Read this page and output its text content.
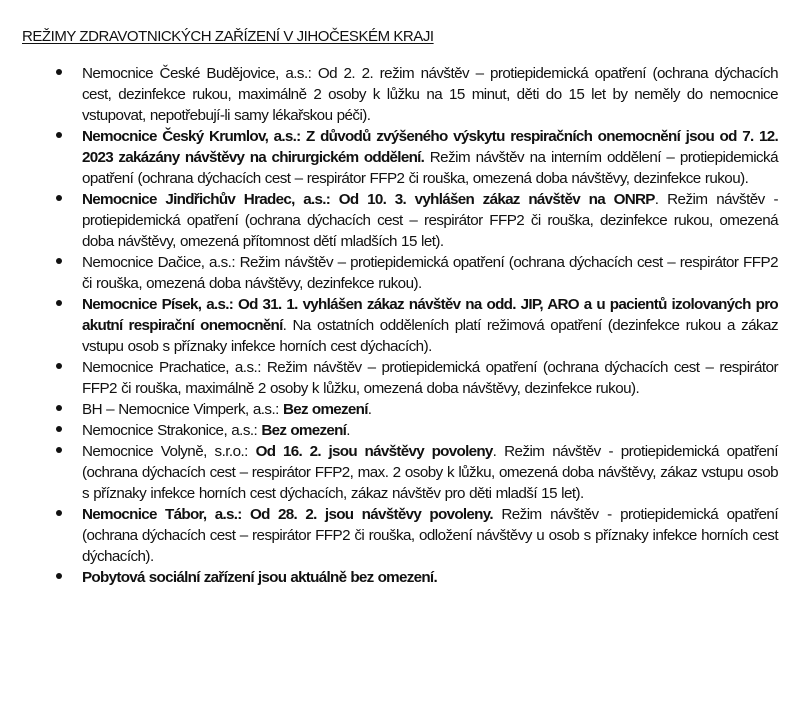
REŽIMY ZDRAVOTNICKÝCH ZAŘÍZENÍ V JIHOČESKÉM KRAJI
Nemocnice České Budějovice, a.s.: Od 2. 2. režim návštěv – protiepidemická opatření (ochrana dýchacích cest, dezinfekce rukou, maximálně 2 osoby k lůžku na 15 minut, děti do 15 let by neměly do nemocnice vstupovat, nepotřebují-li samy lékařskou péči).
Nemocnice Český Krumlov, a.s.: Z důvodů zvýšeného výskytu respiračních onemocnění jsou od 7. 12. 2023 zakázány návštěvy na chirurgickém oddělení. Režim návštěv na interním oddělení – protiepidemická opatření (ochrana dýchacích cest – respirátor FFP2 či rouška, omezená doba návštěvy, dezinfekce rukou).
Nemocnice Jindřichův Hradec, a.s.: Od 10. 3. vyhlášen zákaz návštěv na ONRP. Režim návštěv - protiepidemická opatření (ochrana dýchacích cest – respirátor FFP2 či rouška, dezinfekce rukou, omezená doba návštěvy, omezená přítomnost dětí mladších 15 let).
Nemocnice Dačice, a.s.: Režim návštěv – protiepidemická opatření (ochrana dýchacích cest – respirátor FFP2 či rouška, omezená doba návštěvy, dezinfekce rukou).
Nemocnice Písek, a.s.: Od 31. 1. vyhlášen zákaz návštěv na odd. JIP, ARO a u pacientů izolovaných pro akutní respirační onemocnění. Na ostatních odděleních platí režimová opatření (dezinfekce rukou a zákaz vstupu osob s příznaky infekce horních cest dýchacích).
Nemocnice Prachatice, a.s.: Režim návštěv – protiepidemická opatření (ochrana dýchacích cest – respirátor FFP2 či rouška, maximálně 2 osoby k lůžku, omezená doba návštěvy, dezinfekce rukou).
BH – Nemocnice Vimperk, a.s.: Bez omezení.
Nemocnice Strakonice, a.s.: Bez omezení.
Nemocnice Volyně, s.r.o.: Od 16. 2. jsou návštěvy povoleny. Režim návštěv - protiepidemická opatření (ochrana dýchacích cest – respirátor FFP2, max. 2 osoby k lůžku, omezená doba návštěvy, zákaz vstupu osob s příznaky infekce horních cest dýchacích, zákaz návštěv pro děti mladší 15 let).
Nemocnice Tábor, a.s.: Od 28. 2. jsou návštěvy povoleny. Režim návštěv - protiepidemická opatření (ochrana dýchacích cest – respirátor FFP2 či rouška, odložení návštěvy u osob s příznaky infekce horních cest dýchacích).
Pobytová sociální zařízení jsou aktuálně bez omezení.
